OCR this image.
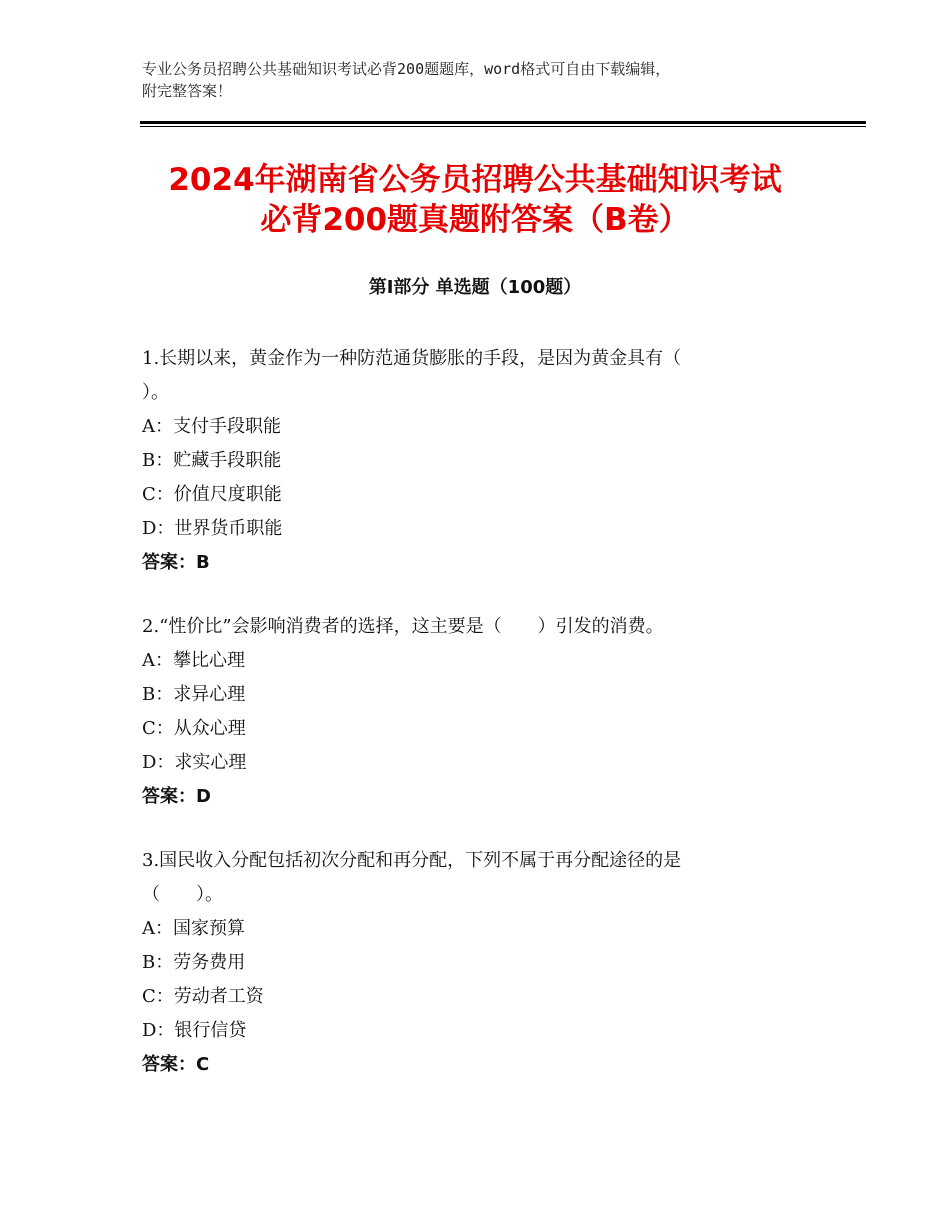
专业公务员招聘公共基础知识考试必背200题题库，word格式可自由下载编辑，
附完整答案！
2024年湖南省公务员招聘公共基础知识考试
必背200题真题附答案（B卷）
第Ⅰ部分 单选题（100题）
1.长期以来，黄金作为一种防范通货膨胀的手段，是因为黄金具有（
）。
A：支付手段职能
B：贮藏手段职能
C：价值尺度职能
D：世界货币职能
答案：B
2.“性价比”会影响消费者的选择，这主要是（　　）引发的消费。
A：攀比心理
B：求异心理
C：从众心理
D：求实心理
答案：D
3.国民收入分配包括初次分配和再分配，下列不属于再分配途径的是
（　　）。
A：国家预算
B：劳务费用
C：劳动者工资
D：银行信贷
答案：C
